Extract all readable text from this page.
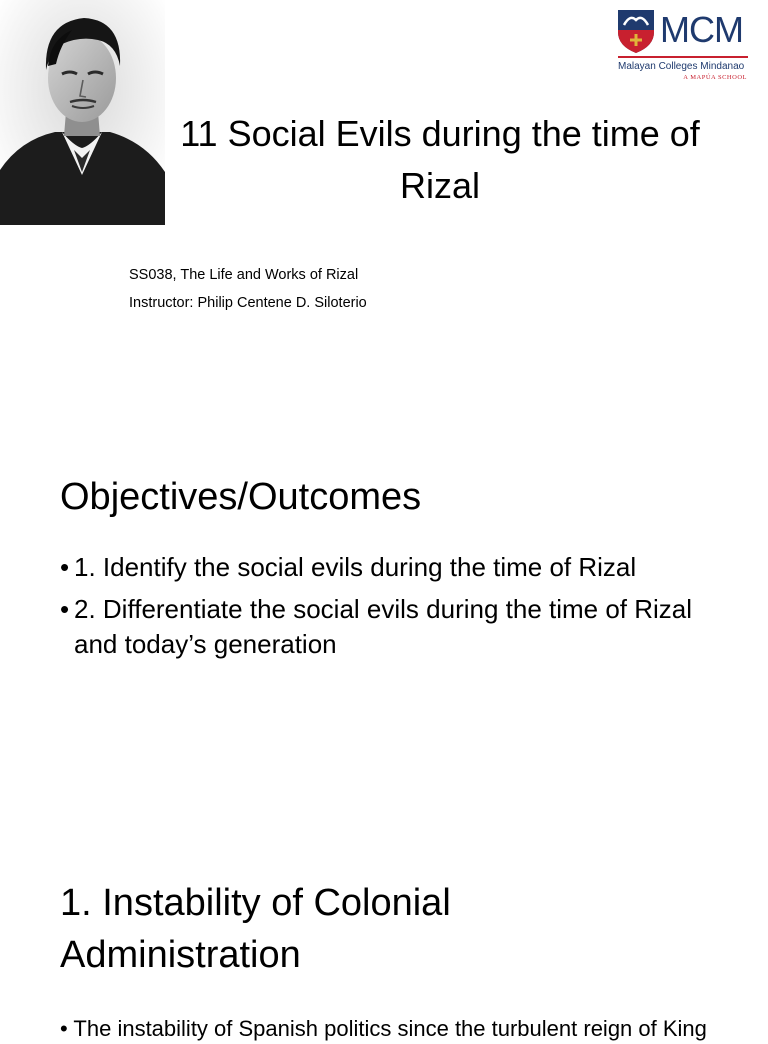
MCM
Malayan Colleges Mindanao
A MAPÚA SCHOOL
11 Social Evils during the time of Rizal
SS038, The Life and Works of Rizal
Instructor: Philip Centene D. Siloterio
Objectives/Outcomes
• 1. Identify the social evils during the time of Rizal
• 2. Differentiate the social evils during the time of Rizal and today’s generation
1. Instability of Colonial Administration
• The instability of Spanish politics since the turbulent reign of King
